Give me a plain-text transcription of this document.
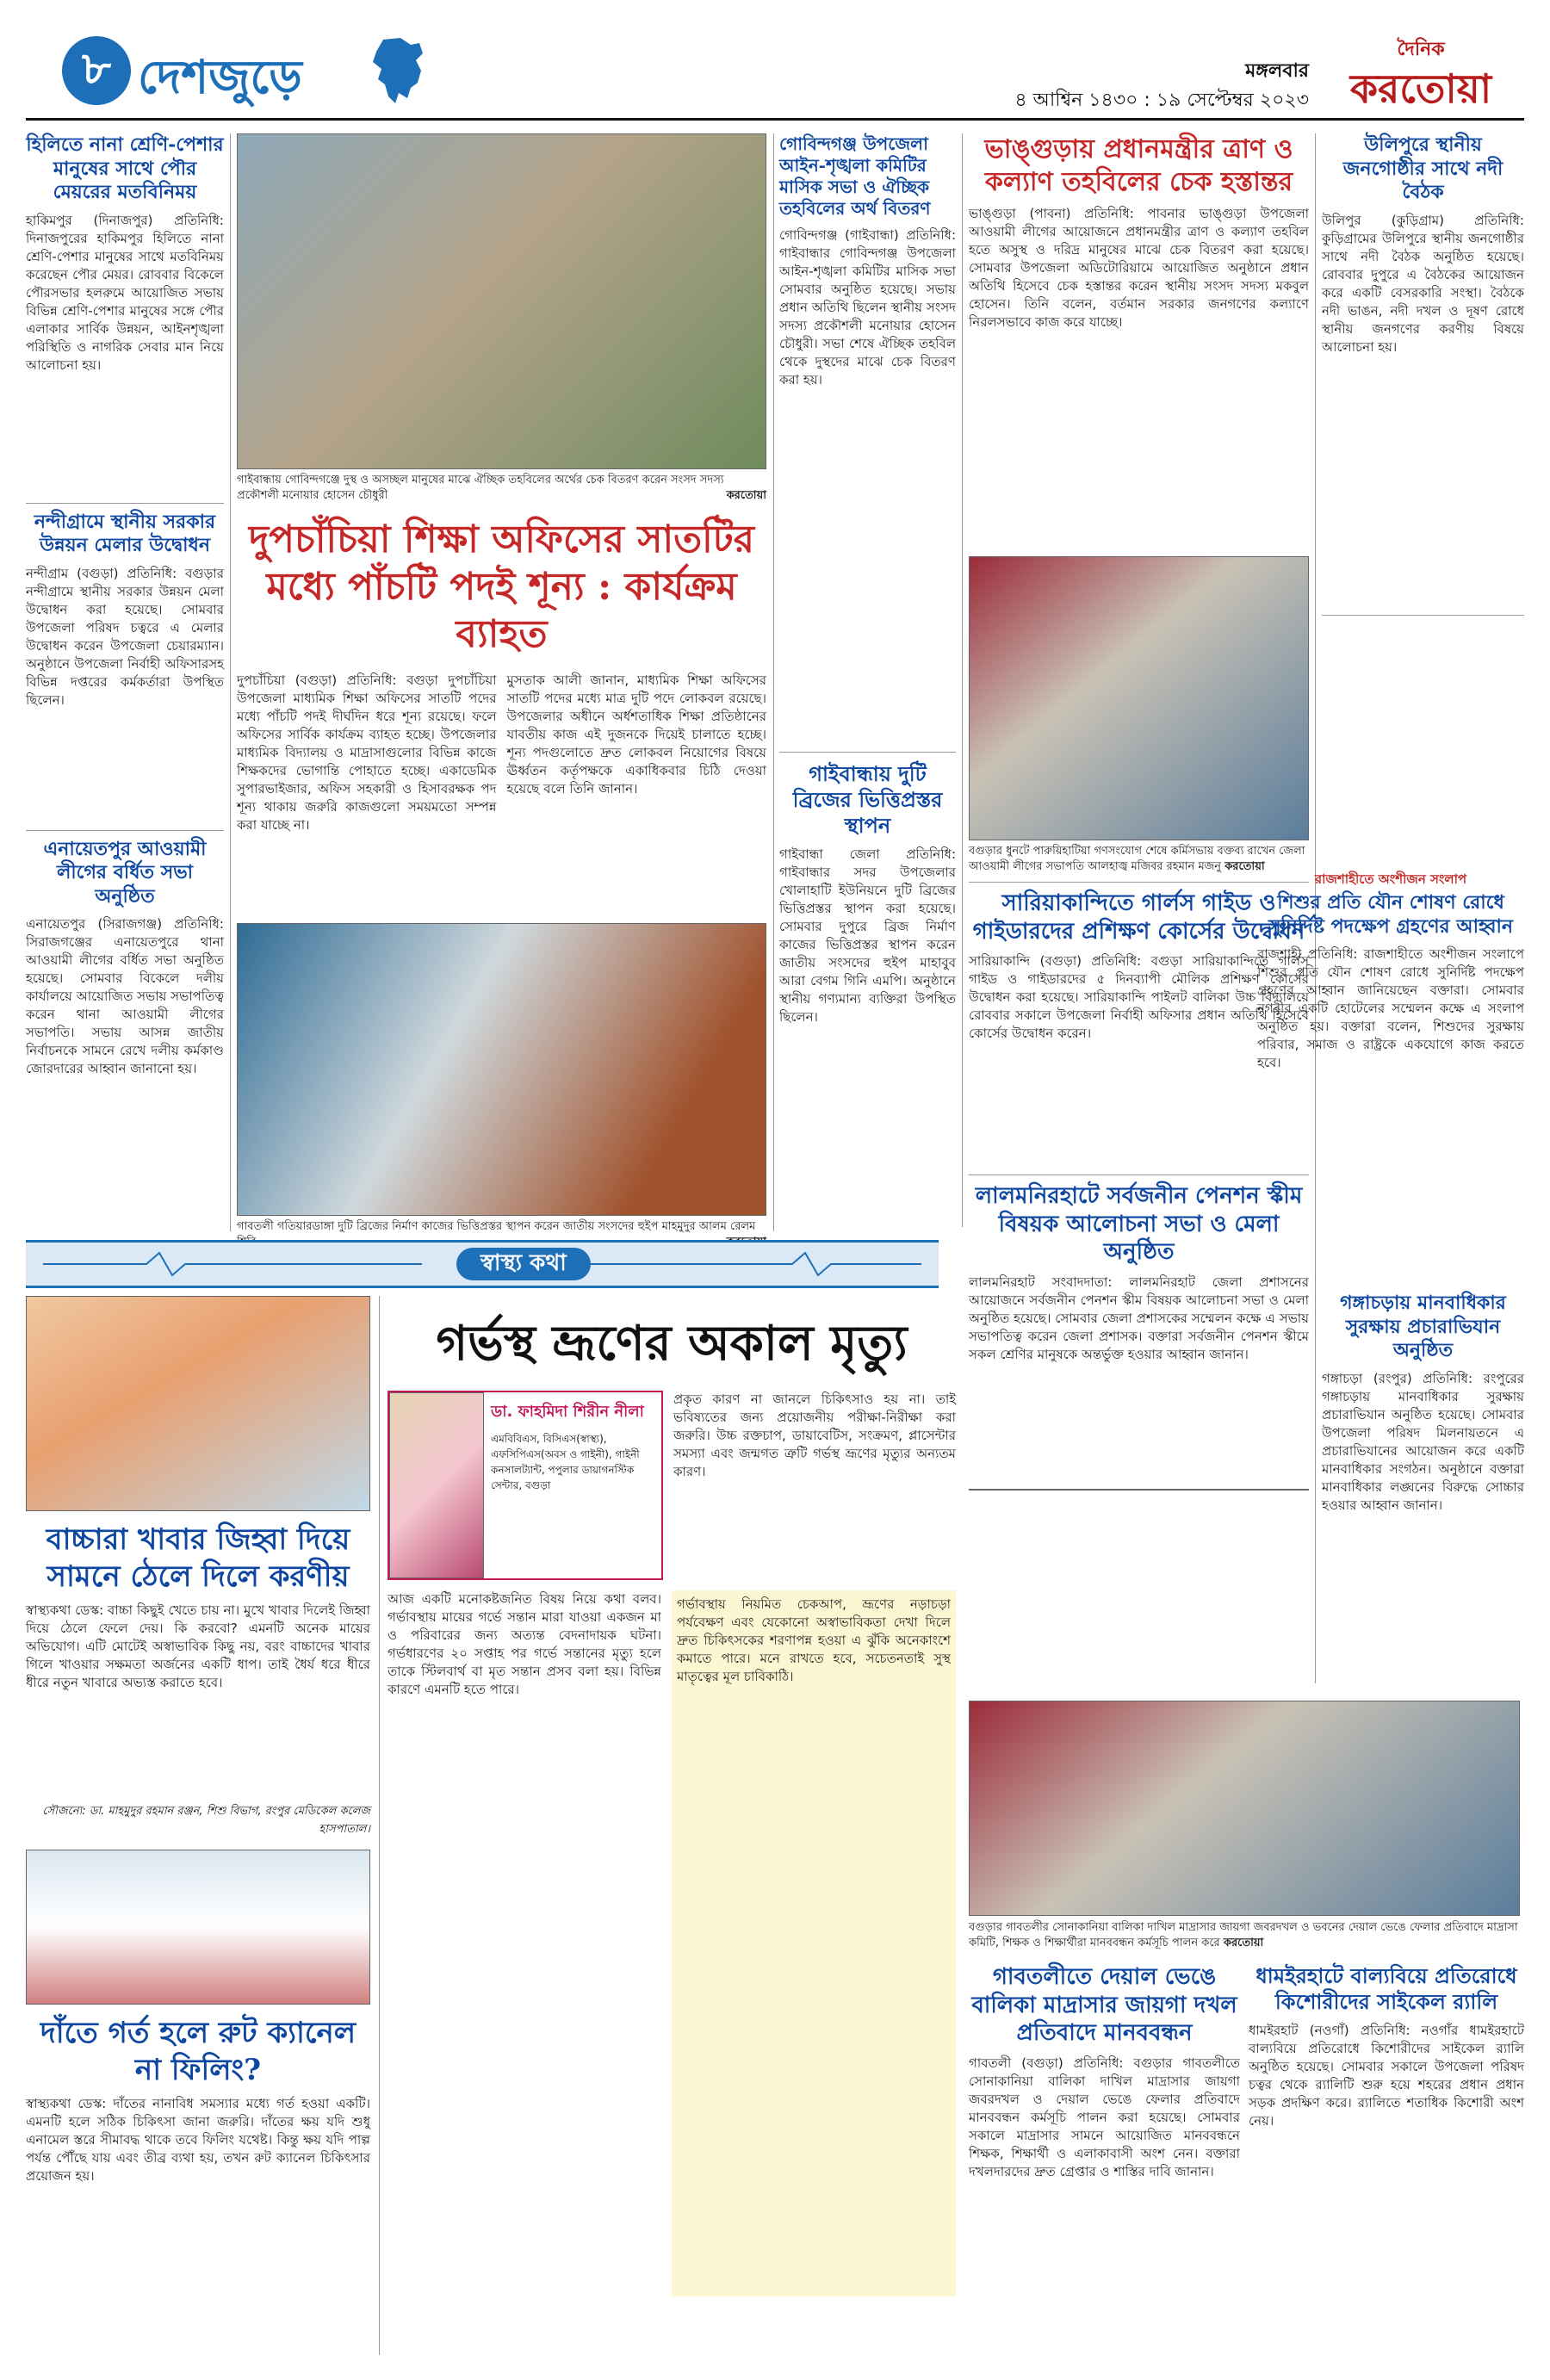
৮ দেশজুড়ে	মঙ্গলবার
৪ আশ্বিন ১৪৩০ : ১৯ সেপ্টেম্বর ২০২৩
দৈনিক
করতোয়া
হিলিতে নানা শ্রেণি-পেশার মানুষের সাথে পৌর মেয়রের মতবিনিময়
হাকিমপুর (দিনাজপুর) প্রতিনিধি: দিনাজপুরের হাকিমপুর হিলিতে নানা শ্রেণি-পেশার মানুষের সাথে মতবিনিময় করেছেন পৌর মেয়র। রোববার বিকেলে পৌরসভার হলরুমে আয়োজিত সভায় বিভিন্ন শ্রেণি-পেশার মানুষের সঙ্গে পৌর এলাকার সার্বিক উন্নয়ন, আইনশৃঙ্খলা পরিস্থিতি ও নাগরিক সেবার মান নিয়ে আলোচনা হয়।
নন্দীগ্রামে স্থানীয় সরকার উন্নয়ন মেলার উদ্বোধন
নন্দীগ্রাম (বগুড়া) প্রতিনিধি: বগুড়ার নন্দীগ্রামে স্থানীয় সরকার উন্নয়ন মেলা উদ্বোধন করা হয়েছে। সোমবার উপজেলা পরিষদ চত্বরে এ মেলার উদ্বোধন করেন উপজেলা চেয়ারম্যান। অনুষ্ঠানে উপজেলা নির্বাহী অফিসারসহ বিভিন্ন দপ্তরের কর্মকর্তারা উপস্থিত ছিলেন।
এনায়েতপুর আওয়ামী লীগের বর্ধিত সভা অনুষ্ঠিত
এনায়েতপুর (সিরাজগঞ্জ) প্রতিনিধি: সিরাজগঞ্জের এনায়েতপুরে থানা আওয়ামী লীগের বর্ধিত সভা অনুষ্ঠিত হয়েছে। সোমবার বিকেলে দলীয় কার্যালয়ে আয়োজিত সভায় সভাপতিত্ব করেন থানা আওয়ামী লীগের সভাপতি। সভায় আসন্ন জাতীয় নির্বাচনকে সামনে রেখে দলীয় কর্মকাণ্ড জোরদারের আহ্বান জানানো হয়।
গাইবান্ধায় গোবিন্দগঞ্জে দুস্থ ও অসচ্ছল মানুষের মাঝে ঐচ্ছিক তহবিলের অর্থের চেক বিতরণ করেন সংসদ সদস্য প্রকৌশলী মনোয়ার হোসেন চৌধুরী	করতোয়া
দুপচাঁচিয়া শিক্ষা অফিসের সাতটির মধ্যে পাঁচটি পদই শূন্য : কার্যক্রম ব্যাহত
দুপচাঁচিয়া (বগুড়া) প্রতিনিধি: বগুড়া দুপচাঁচিয়া উপজেলা মাধ্যমিক শিক্ষা অফিসের সাতটি পদের মধ্যে পাঁচটি পদই দীর্ঘদিন ধরে শূন্য রয়েছে। ফলে অফিসের সার্বিক কার্যক্রম ব্যাহত হচ্ছে। উপজেলার মাধ্যমিক বিদ্যালয় ও মাদ্রাসাগুলোর বিভিন্ন কাজে শিক্ষকদের ভোগান্তি পোহাতে হচ্ছে। একাডেমিক সুপারভাইজার, অফিস সহকারী ও হিসাবরক্ষক পদ শূন্য থাকায় জরুরি কাজগুলো সময়মতো সম্পন্ন করা যাচ্ছে না।
মুসতাক আলী জানান, মাধ্যমিক শিক্ষা অফিসের সাতটি পদের মধ্যে মাত্র দুটি পদে লোকবল রয়েছে। উপজেলার অধীনে অর্ধশতাধিক শিক্ষা প্রতিষ্ঠানের যাবতীয় কাজ এই দুজনকে দিয়েই চালাতে হচ্ছে। শূন্য পদগুলোতে দ্রুত লোকবল নিয়োগের বিষয়ে ঊর্ধ্বতন কর্তৃপক্ষকে একাধিকবার চিঠি দেওয়া হয়েছে বলে তিনি জানান।
গাবতলী গতিয়ারডাঙ্গা দুটি ব্রিজের নির্মাণ কাজের ভিত্তিপ্রস্তর স্থাপন করেন জাতীয় সংসদের হুইপ মাহমুদুর আলম রেলম
গোবিন্দগঞ্জ উপজেলা আইন-শৃঙ্খলা কমিটির মাসিক সভা ও ঐচ্ছিক তহবিলের অর্থ বিতরণ
গোবিন্দগঞ্জ (গাইবান্ধা) প্রতিনিধি: গাইবান্ধার গোবিন্দগঞ্জ উপজেলা আইন-শৃঙ্খলা কমিটির মাসিক সভা সোমবার অনুষ্ঠিত হয়েছে। সভায় প্রধান অতিথি ছিলেন স্থানীয় সংসদ সদস্য প্রকৌশলী মনোয়ার হোসেন চৌধুরী। সভা শেষে ঐচ্ছিক তহবিল থেকে দুস্থদের মাঝে চেক বিতরণ করা হয়।
গাইবান্ধায় দুটি ব্রিজের ভিত্তিপ্রস্তর স্থাপন
গাইবান্ধা জেলা প্রতিনিধি: গাইবান্ধার সদর উপজেলার খোলাহাটি ইউনিয়নে দুটি ব্রিজের ভিত্তিপ্রস্তর স্থাপন করা হয়েছে। সোমবার দুপুরে ব্রিজ নির্মাণ কাজের ভিত্তিপ্রস্তর স্থাপন করেন জাতীয় সংসদের হুইপ মাহাবুব আরা বেগম গিনি এমপি। অনুষ্ঠানে স্থানীয় গণ্যমান্য ব্যক্তিরা উপস্থিত ছিলেন।
ভাঙ্গুড়ায় প্রধানমন্ত্রীর ত্রাণ ও কল্যাণ তহবিলের চেক হস্তান্তর
ভাঙ্গুড়া (পাবনা) প্রতিনিধি: পাবনার ভাঙ্গুড়া উপজেলা আওয়ামী লীগের আয়োজনে প্রধানমন্ত্রীর ত্রাণ ও কল্যাণ তহবিল হতে অসুস্থ ও দরিদ্র মানুষের মাঝে চেক বিতরণ করা হয়েছে। সোমবার উপজেলা অডিটোরিয়ামে আয়োজিত অনুষ্ঠানে প্রধান অতিথি হিসেবে চেক হস্তান্তর করেন স্থানীয় সংসদ সদস্য মকবুল হোসেন। তিনি বলেন, বর্তমান সরকার জনগণের কল্যাণে নিরলসভাবে কাজ করে যাচ্ছে।
বগুড়ার ধুনটে পারুয়িহাটিয়া গণসংযোগ শেষে কর্মিসভায় বক্তব্য রাখেন জেলা আওয়ামী লীগের সভাপতি আলহাজ্ব মজিবর রহমান মজনু করতোয়া
সারিয়াকান্দিতে গার্লস গাইড ও গাইডারদের প্রশিক্ষণ কোর্সের উদ্বোধন
সারিয়াকান্দি (বগুড়া) প্রতিনিধি: বগুড়া সারিয়াকান্দিতে গার্লস গাইড ও গাইডারদের ৫ দিনব্যাপী মৌলিক প্রশিক্ষণ কোর্সের উদ্বোধন করা হয়েছে। সারিয়াকান্দি পাইলট বালিকা উচ্চ বিদ্যালয়ে রোববার সকালে উপজেলা নির্বাহী অফিসার প্রধান অতিথি হিসেবে কোর্সের উদ্বোধন করেন।
লালমনিরহাটে সর্বজনীন পেনশন স্কীম বিষয়ক আলোচনা সভা ও মেলা অনুষ্ঠিত
লালমনিরহাট সংবাদদাতা: লালমনিরহাট জেলা প্রশাসনের আয়োজনে সর্বজনীন পেনশন স্কীম বিষয়ক আলোচনা সভা ও মেলা অনুষ্ঠিত হয়েছে। সোমবার জেলা প্রশাসকের সম্মেলন কক্ষে এ সভায় সভাপতিত্ব করেন জেলা প্রশাসক। বক্তারা সর্বজনীন পেনশন স্কীমে সকল শ্রেণির মানুষকে অন্তর্ভুক্ত হওয়ার আহ্বান জানান।
বগুড়ার গাবতলীর সোনাকানিয়া বালিকা দাখিল মাদ্রাসার জায়গা জবরদখল ও ভবনের দেয়াল ভেঙে ফেলার প্রতিবাদে মাদ্রাসা কমিটি, শিক্ষক ও শিক্ষার্থীরা মানববন্ধন কর্মসূচি পালন করে করতোয়া
গাবতলীতে দেয়াল ভেঙে বালিকা মাদ্রাসার জায়গা দখল প্রতিবাদে মানববন্ধন
গাবতলী (বগুড়া) প্রতিনিধি: বগুড়ার গাবতলীতে সোনাকানিয়া বালিকা দাখিল মাদ্রাসার জায়গা জবরদখল ও দেয়াল ভেঙে ফেলার প্রতিবাদে মানববন্ধন কর্মসূচি পালন করা হয়েছে। সোমবার সকালে মাদ্রাসার সামনে আয়োজিত মানববন্ধনে শিক্ষক, শিক্ষার্থী ও এলাকাবাসী অংশ নেন। বক্তারা দখলদারদের দ্রুত গ্রেপ্তার ও শাস্তির দাবি জানান।
উলিপুরে স্থানীয় জনগোষ্ঠীর সাথে নদী বৈঠক
উলিপুর (কুড়িগ্রাম) প্রতিনিধি: কুড়িগ্রামের উলিপুরে স্থানীয় জনগোষ্ঠীর সাথে নদী বৈঠক অনুষ্ঠিত হয়েছে। রোববার দুপুরে এ বৈঠকের আয়োজন করে একটি বেসরকারি সংস্থা। বৈঠকে নদী ভাঙন, নদী দখল ও দূষণ রোধে স্থানীয় জনগণের করণীয় বিষয়ে আলোচনা হয়।
রাজশাহীতে অংশীজন সংলাপ
শিশুর প্রতি যৌন শোষণ রোধে সুনির্দিষ্ট পদক্ষেপ গ্রহণের আহ্বান
রাজশাহী প্রতিনিধি: রাজশাহীতে অংশীজন সংলাপে শিশুর প্রতি যৌন শোষণ রোধে সুনির্দিষ্ট পদক্ষেপ গ্রহণের আহ্বান জানিয়েছেন বক্তারা। সোমবার নগরীর একটি হোটেলের সম্মেলন কক্ষে এ সংলাপ অনুষ্ঠিত হয়। বক্তারা বলেন, শিশুদের সুরক্ষায় পরিবার, সমাজ ও রাষ্ট্রকে একযোগে কাজ করতে হবে।
গঙ্গাচড়ায় মানবাধিকার সুরক্ষায় প্রচারাভিযান অনুষ্ঠিত
গঙ্গাচড়া (রংপুর) প্রতিনিধি: রংপুরের গঙ্গাচড়ায় মানবাধিকার সুরক্ষায় প্রচারাভিযান অনুষ্ঠিত হয়েছে। সোমবার উপজেলা পরিষদ মিলনায়তনে এ প্রচারাভিযানের আয়োজন করে একটি মানবাধিকার সংগঠন। অনুষ্ঠানে বক্তারা মানবাধিকার লঙ্ঘনের বিরুদ্ধে সোচ্চার হওয়ার আহ্বান জানান।
ধামইরহাটে বাল্যবিয়ে প্রতিরোধে কিশোরীদের সাইকেল র‌্যালি
ধামইরহাট (নওগাঁ) প্রতিনিধি: নওগাঁর ধামইরহাটে বাল্যবিয়ে প্রতিরোধে কিশোরীদের সাইকেল র‌্যালি অনুষ্ঠিত হয়েছে। সোমবার সকালে উপজেলা পরিষদ চত্বর থেকে র‌্যালিটি শুরু হয়ে শহরের প্রধান প্রধান সড়ক প্রদক্ষিণ করে। র‌্যালিতে শতাধিক কিশোরী অংশ নেয়।
স্বাস্থ্য কথা
বাচ্চারা খাবার জিহ্বা দিয়ে সামনে ঠেলে দিলে করণীয়
স্বাস্থ্যকথা ডেস্ক: বাচ্চা কিছুই খেতে চায় না। মুখে খাবার দিলেই জিহ্বা দিয়ে ঠেলে ফেলে দেয়। কি করবো? এমনটি অনেক মায়ের অভিযোগ। এটি মোটেই অস্বাভাবিক কিছু নয়, বরং বাচ্চাদের খাবার গিলে খাওয়ার সক্ষমতা অর্জনের একটি ধাপ। তাই ধৈর্য ধরে ধীরে ধীরে নতুন খাবারে অভ্যস্ত করাতে হবে।
সৌজন্যে: ডা. মাহমুদুর রহমান রঞ্জন, শিশু বিভাগ, রংপুর মেডিকেল কলেজ হাসপাতাল।
দাঁতে গর্ত হলে রুট ক্যানেল না ফিলিং?
স্বাস্থ্যকথা ডেস্ক: দাঁতের নানাবিধ সমস্যার মধ্যে গর্ত হওয়া একটি। এমনটি হলে সঠিক চিকিৎসা জানা জরুরি। দাঁতের ক্ষয় যদি শুধু এনামেল স্তরে সীমাবদ্ধ থাকে তবে ফিলিং যথেষ্ট। কিন্তু ক্ষয় যদি পাল্প পর্যন্ত পৌঁছে যায় এবং তীব্র ব্যথা হয়, তখন রুট ক্যানেল চিকিৎসার প্রয়োজন হয়।
গর্ভস্থ ভ্রূণের অকাল মৃত্যু
ডা. ফাহমিদা শিরীন নীলা
এমবিবিএস, বিসিএস(স্বাস্থ্য), এফসিপিএস(অবস ও গাইনী), গাইনী কনসালট্যান্ট, পপুলার ডায়াগনস্টিক সেন্টার, বগুড়া
প্রকৃত কারণ না জানলে চিকিৎসাও হয় না। তাই ভবিষ্যতের জন্য প্রয়োজনীয় পরীক্ষা-নিরীক্ষা করা জরুরি। উচ্চ রক্তচাপ, ডায়াবেটিস, সংক্রমণ, প্লাসেন্টার সমস্যা এবং জন্মগত ত্রুটি গর্ভস্থ ভ্রূণের মৃত্যুর অন্যতম কারণ।
আজ একটি মনোকষ্টজনিত বিষয় নিয়ে কথা বলব। গর্ভাবস্থায় মায়ের গর্ভে সন্তান মারা যাওয়া একজন মা ও পরিবারের জন্য অত্যন্ত বেদনাদায়ক ঘটনা। গর্ভধারণের ২০ সপ্তাহ পর গর্ভে সন্তানের মৃত্যু হলে তাকে স্টিলবার্থ বা মৃত সন্তান প্রসব বলা হয়। বিভিন্ন কারণে এমনটি হতে পারে।
গর্ভাবস্থায় নিয়মিত চেকআপ, ভ্রূণের নড়াচড়া পর্যবেক্ষণ এবং যেকোনো অস্বাভাবিকতা দেখা দিলে দ্রুত চিকিৎসকের শরণাপন্ন হওয়া এ ঝুঁকি অনেকাংশে কমাতে পারে। মনে রাখতে হবে, সচেতনতাই সুস্থ মাতৃত্বের মূল চাবিকাঠি।
